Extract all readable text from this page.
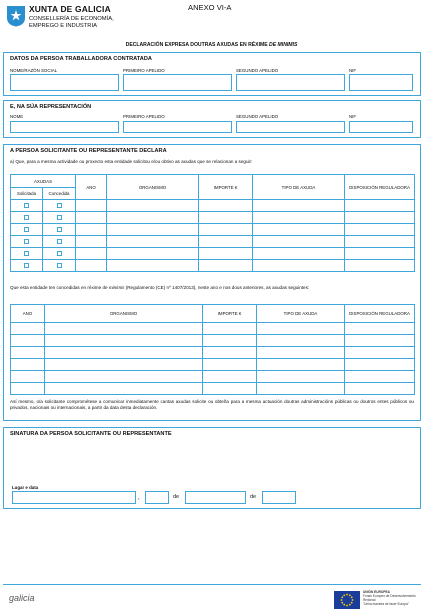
XUNTA DE GALICIA
CONSELLERÍA DE ECONOMÍA,
EMPREGO E INDUSTRIA
ANEXO VI-A
DECLARACIÓN EXPRESA DOUTRAS AXUDAS EN RÉXIME DE MINIMIS
DATOS DA PERSOA TRABALLADORA CONTRATADA
NOME/RAZÓN SOCIAL	PRIMEIRO APELIDO	SEGUNDO APELIDO	NIF
E, NA SÚA REPRESENTACIÓN
NOME	PRIMEIRO APELIDO	SEGUNDO APELIDO	NIF
A PERSOA SOLICITANTE OU REPRESENTANTE DECLARA
a) Que, para a mesma actividade ou proxecto esta entidade solicitou e/ou obtivo as axudas que se relacionan a seguir:
AXUDAS		ANO	ORGANISMO	IMPORTE €	TIPO DE AXUDA	DISPOSICIÓN REGULADORA
Solicitada	Concedida					

Que esta entidade ten concedidas en réxime de minimis (Regulamento (CE) nº 1407/2013), neste ano e nos dous anteriores, as axudas seguintes:
ANO	ORGANISMO	IMPORTE €	TIPO DE AXUDA	DISPOSICIÓN REGULADORA

Así mesmo, o/a solicitante comprométese a comunicar inmediatamente cantas axudas solicite ou obteña para a mesma actuación doutras administracións públicas ou doutros entes públicos ou privados, nacionais ou internacionais, a partir da data desta declaración.
SINATURA DA PERSOA SOLICITANTE OU REPRESENTANTE
Lugar e data
,	de	de
galicia
UNIÓN EUROPEA
Fondo Europeo de Desenvolvemento Rexional
"Unha maneira de facer Europa"
